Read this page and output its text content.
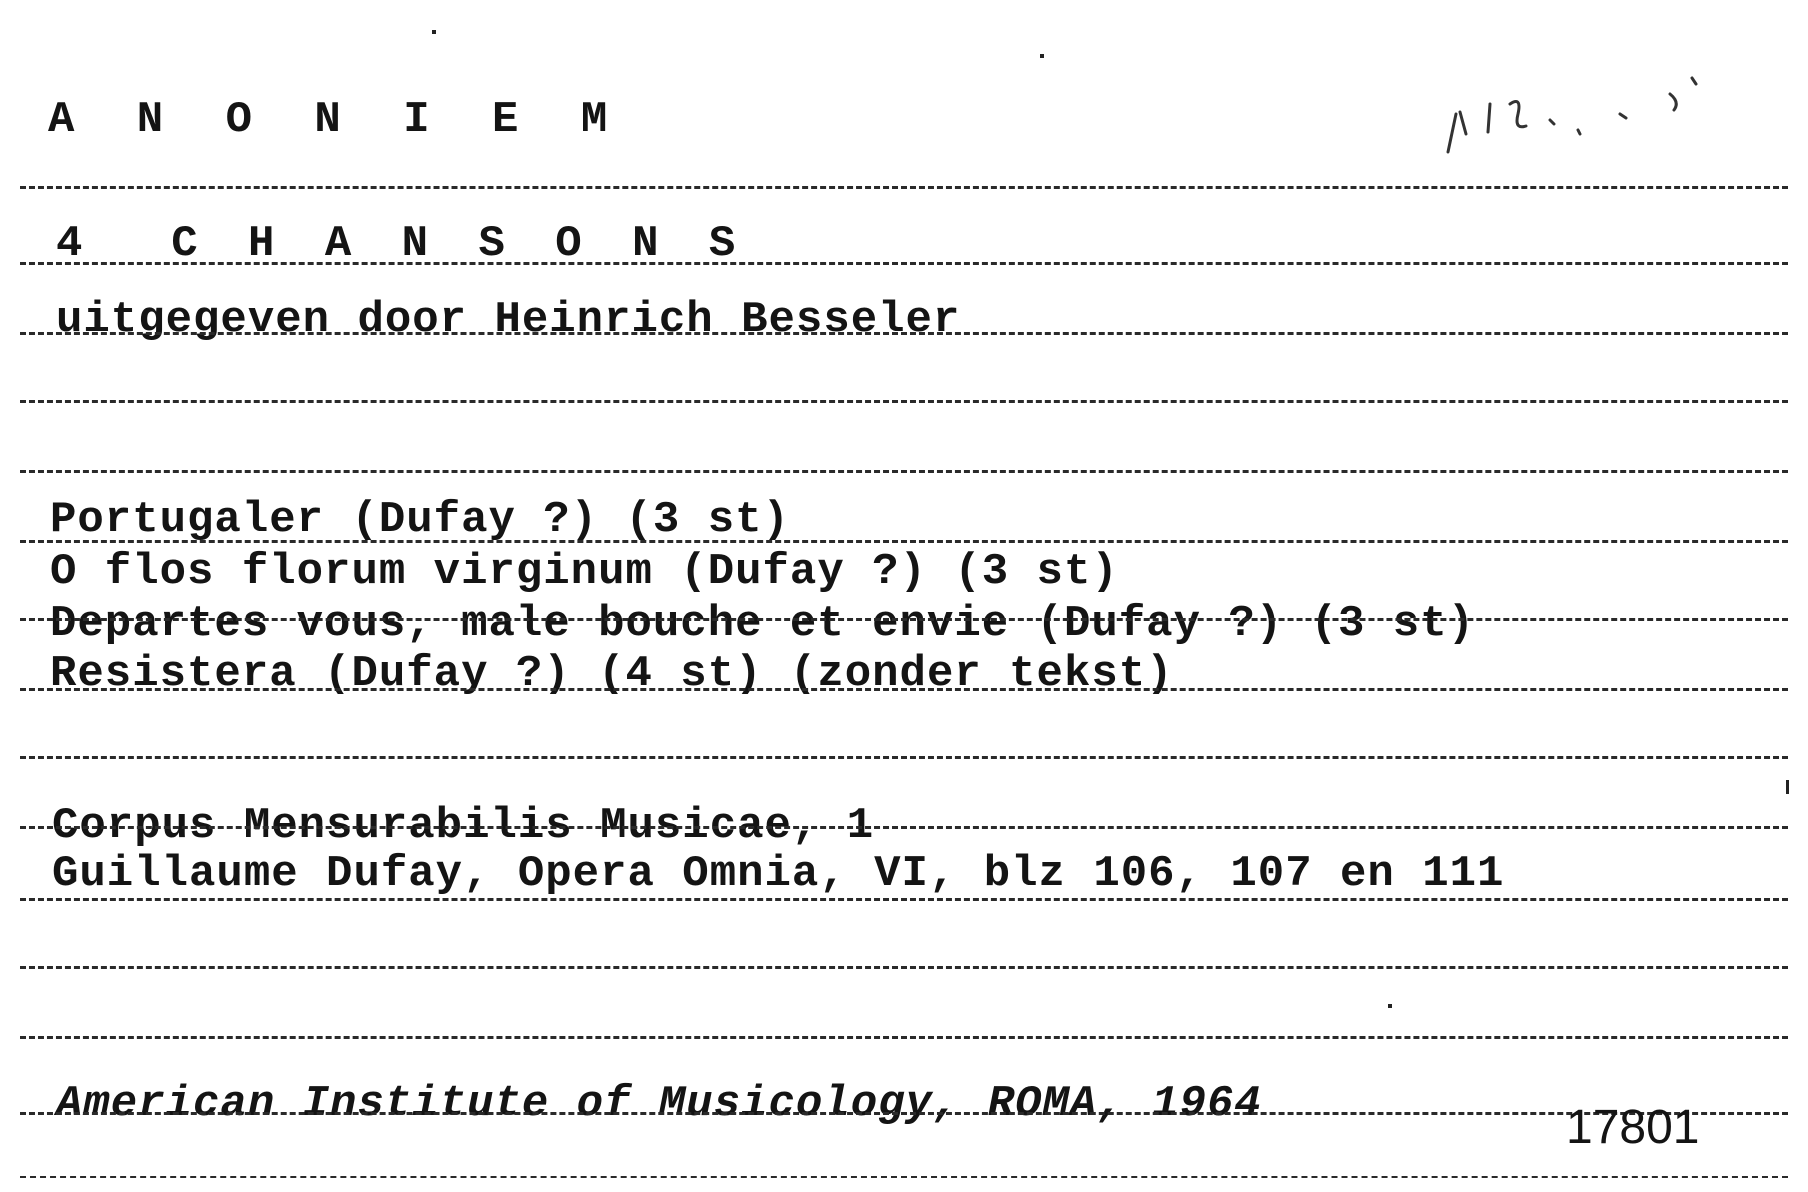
A N O N I E M
4  C H A N S O N S
uitgegeven door Heinrich Besseler
Portugaler (Dufay ?) (3 st)
O flos florum virginum (Dufay ?) (3 st)
Departes vous, male bouche et envie (Dufay ?) (3 st)
Resistera (Dufay ?) (4 st) (zonder tekst)
Corpus Mensurabilis Musicae, 1
Guillaume Dufay, Opera Omnia, VI, blz 106, 107 en 111
American Institute of Musicology, ROMA, 1964	17801
